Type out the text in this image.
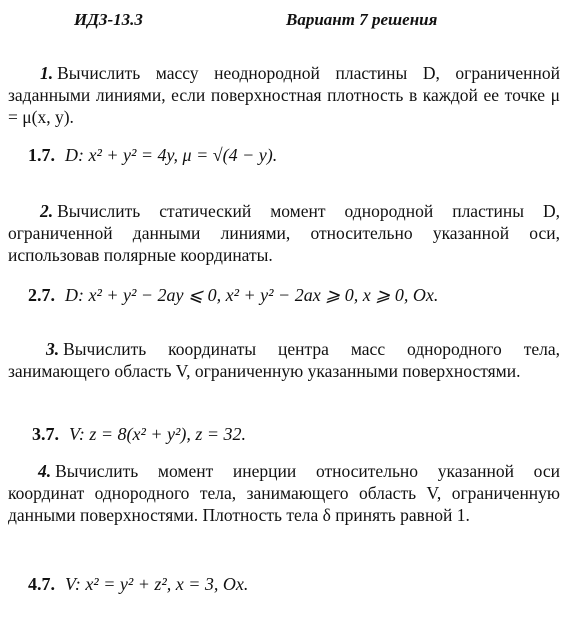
ИДЗ-13.3	Вариант 7 решения
1. Вычислить массу неоднородной пластины D, ограниченной заданными линиями, если поверхностная плотность в каждой ее точке μ = μ(x, y).
1.7. D: x² + y² = 4y, μ = √(4 − y).
2. Вычислить статический момент однородной пластины D, ограниченной данными линиями, относительно указанной оси, использовав полярные координаты.
2.7. D: x² + y² − 2ay ⩽ 0, x² + y² − 2ax ⩾ 0, x ⩾ 0, Ox.
3. Вычислить координаты центра масс однородного тела, занимающего область V, ограниченную указанными поверхностями.
3.7. V: z = 8(x² + y²), z = 32.
4. Вычислить момент инерции относительно указанной оси координат однородного тела, занимающего область V, ограниченную данными поверхностями. Плотность тела δ принять равной 1.
4.7. V: x² = y² + z², x = 3, Ox.
